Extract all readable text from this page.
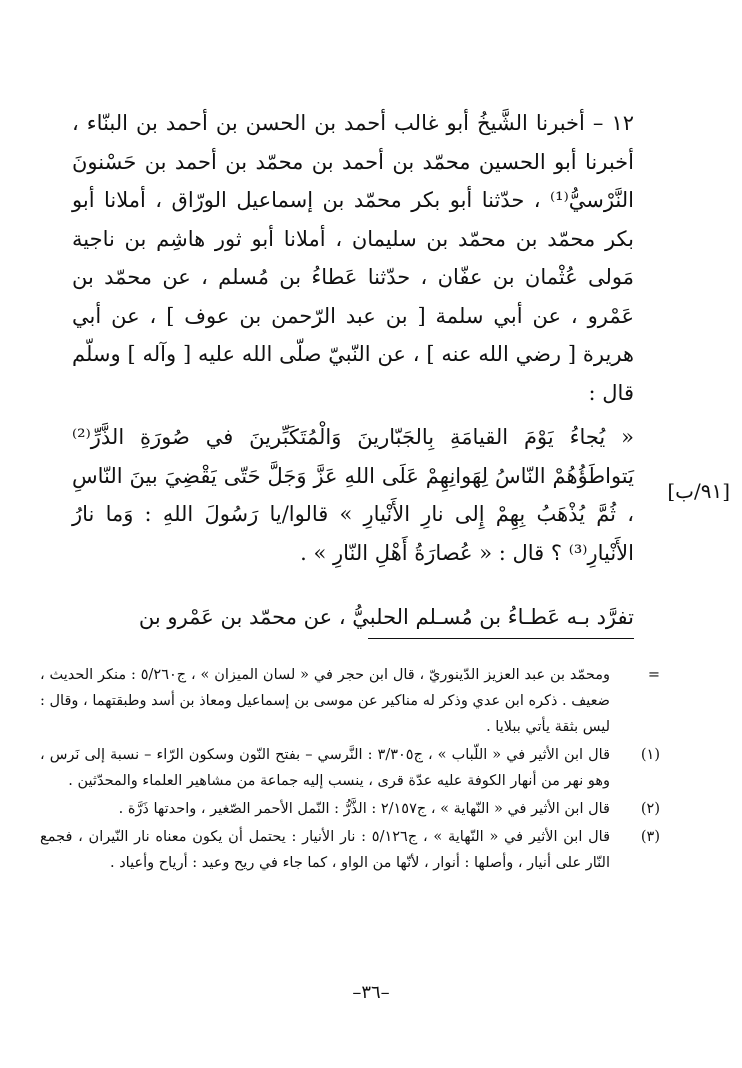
١٢ – أخبرنا الشَّيخُ أبو غالب أحمد بن الحسن بن أحمد بن البنّاء ، أخبرنا أبو الحسين محمّد بن أحمد بن محمّد بن أحمد بن حَسْنونَ النَّرْسيُّ⁽¹⁾ ، حدّثنا أبو بكر محمّد بن إسماعيل الورّاق ، أملانا أبو بكر محمّد بن محمّد بن سليمان ، أملانا أبو ثور هاشِم بن ناجية مَولى عُثْمان بن عفّان ، حدّثنا عَطاءُ بن مُسلم ، عن محمّد بن عَمْرو ، عن أبي سلمة [ بن عبد الرّحمن بن عوف ] ، عن أبي هريرة [ رضي الله عنه ] ، عن النّبيّ صلّى الله عليه [ وآله ] وسلّم قال :

« يُجاءُ يَوْمَ القيامَةِ بِالجَبّارينَ وَالْمُتَكَبِّرينَ في صُورَةِ الذَّرِّ⁽²⁾ يَتواطَؤُهُمْ النّاسُ لِهَوانِهِمْ عَلَى اللهِ عَزَّ وَجَلَّ حَتّى يَقْضِيَ بينَ النّاسِ ، ثُمَّ يُذْهَبُ بِهِمْ إِلى نارِ الأَنْيارِ » قالوا/يا رَسُولَ اللهِ : وَما نارُ الأَنْيارِ⁽³⁾ ؟ قال : « عُصارَةُ أَهْلِ النّارِ » .

تفرَّد بـه عَطـاءُ بن مُسـلم الحلبيُّ ، عن محمّد بن عَمْرو بن

[٩١/ب]
=
ومحمّد بن عبد العزيز الدّينوريّ ، قال ابن حجر في « لسان الميزان » ، ج٥/٢٦٠ : منكر الحديث ، ضعيف . ذكره ابن عدي وذكر له مناكير عن موسى بن إسماعيل ومعاذ بن أسد وطبقتهما ، وقال : ليس بثقة يأتي ببلايا .
(١)
قال ابن الأثير في « اللّباب » ، ج٣/٣٠٥ : النَّرسي – بفتح النّون وسكون الرّاء – نسبة إلى نَرس ، وهو نهر من أنهار الكوفة عليه عدّة قرى ، ينسب إليه جماعة من مشاهير العلماء والمحدّثين .
(٢)
قال ابن الأثير في « النّهاية » ، ج٢/١٥٧ : الذَّرُّ : النّمل الأحمر الصّغير ، واحدتها ذَرَّة .
(٣)
قال ابن الأثير في « النّهاية » ، ج٥/١٢٦ : نار الأنيار : يحتمل أن يكون معناه نار النّيران ، فجمع النّار على أنيار ، وأصلها : أنوار ، لأنّها من الواو ، كما جاء في ريح وعيد : أرياح وأعياد .
–٣٦–
